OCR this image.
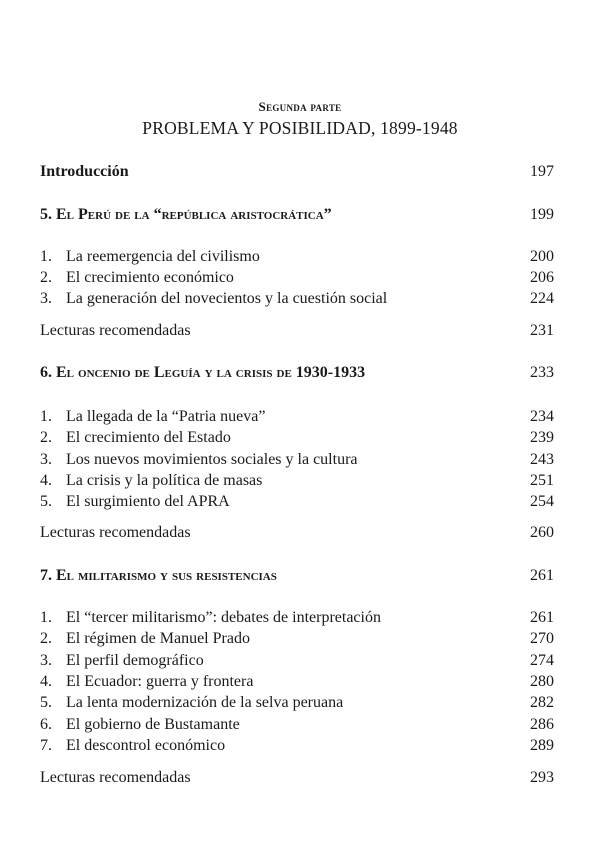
Segunda parte
PROBLEMA Y POSIBILIDAD, 1899-1948
Introducción	197
5. El Perú de la “república aristocrática”	199
1. La reemergencia del civilismo	200
2. El crecimiento económico	206
3. La generación del novecientos y la cuestión social	224
Lecturas recomendadas	231
6. El oncenio de Leguía y la crisis de 1930-1933	233
1. La llegada de la “Patria nueva”	234
2. El crecimiento del Estado	239
3. Los nuevos movimientos sociales y la cultura	243
4. La crisis y la política de masas	251
5. El surgimiento del APRA	254
Lecturas recomendadas	260
7. El militarismo y sus resistencias	261
1. El “tercer militarismo”: debates de interpretación	261
2. El régimen de Manuel Prado	270
3. El perfil demográfico	274
4. El Ecuador: guerra y frontera	280
5. La lenta modernización de la selva peruana	282
6. El gobierno de Bustamante	286
7. El descontrol económico	289
Lecturas recomendadas	293
